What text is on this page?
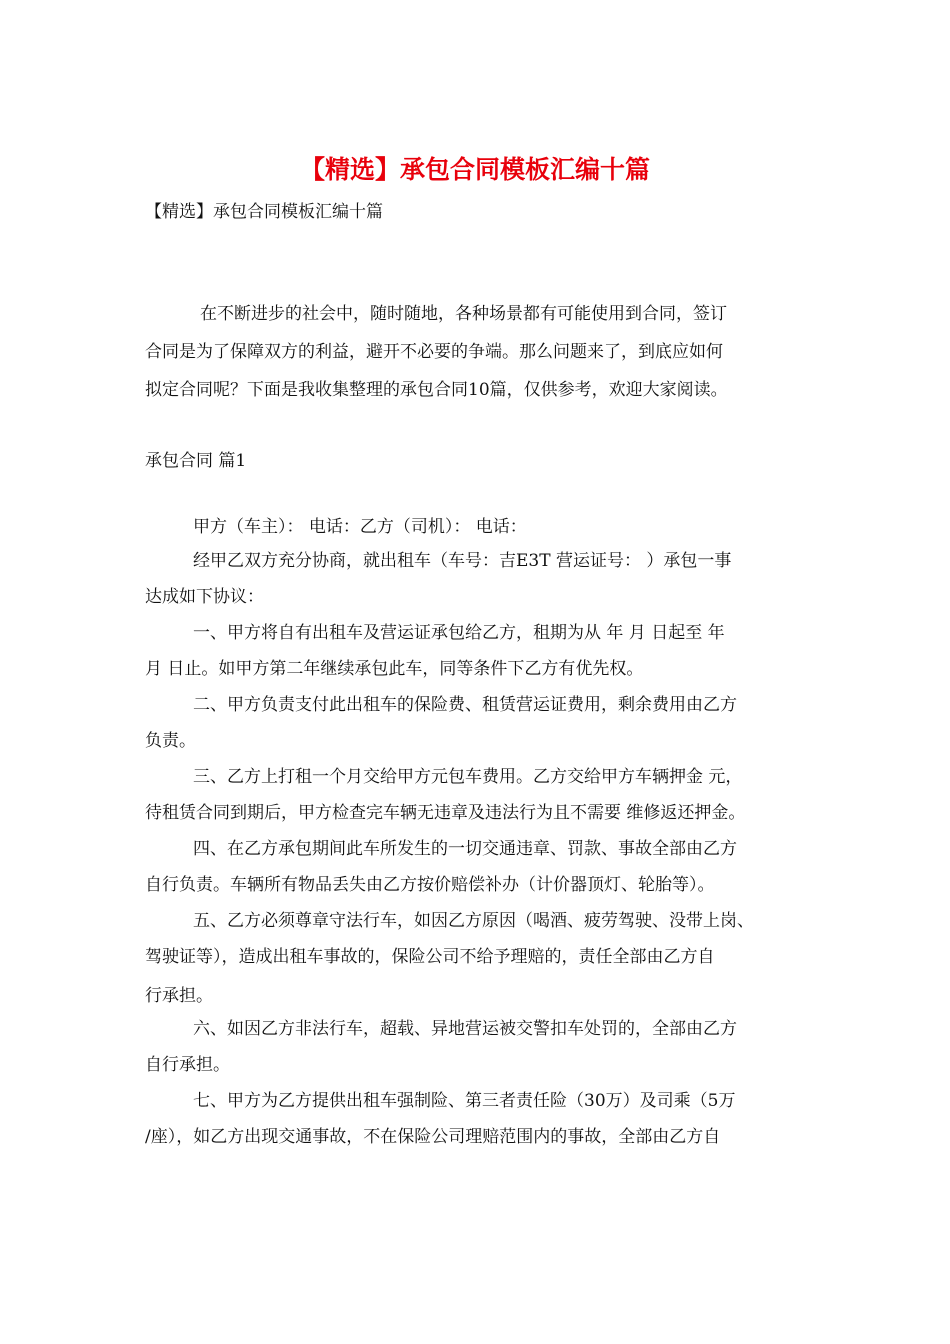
【精选】承包合同模板汇编十篇
【精选】承包合同模板汇编十篇
在不断进步的社会中，随时随地，各种场景都有可能使用到合同，签订
合同是为了保障双方的利益，避开不必要的争端。那么问题来了，到底应如何
拟定合同呢？下面是我收集整理的承包合同10篇，仅供参考，欢迎大家阅读。
承包合同 篇1
甲方（车主）： 电话：乙方（司机）： 电话：
经甲乙双方充分协商，就出租车（车号：吉E3T 营运证号： ）承包一事
达成如下协议：
一、甲方将自有出租车及营运证承包给乙方，租期为从 年 月 日起至 年
月 日止。如甲方第二年继续承包此车，同等条件下乙方有优先权。
二、甲方负责支付此出租车的保险费、租赁营运证费用，剩余费用由乙方
负责。
三、乙方上打租一个月交给甲方元包车费用。乙方交给甲方车辆押金 元，
待租赁合同到期后，甲方检查完车辆无违章及违法行为且不需要 维修返还押金。
四、在乙方承包期间此车所发生的一切交通违章、罚款、事故全部由乙方
自行负责。车辆所有物品丢失由乙方按价赔偿补办（计价器顶灯、轮胎等）。
五、乙方必须尊章守法行车，如因乙方原因（喝酒、疲劳驾驶、没带上岗、
驾驶证等），造成出租车事故的，保险公司不给予理赔的，责任全部由乙方自
行承担。
六、如因乙方非法行车，超载、异地营运被交警扣车处罚的，全部由乙方
自行承担。
七、甲方为乙方提供出租车强制险、第三者责任险（30万）及司乘（5万
/座），如乙方出现交通事故，不在保险公司理赔范围内的事故，全部由乙方自
